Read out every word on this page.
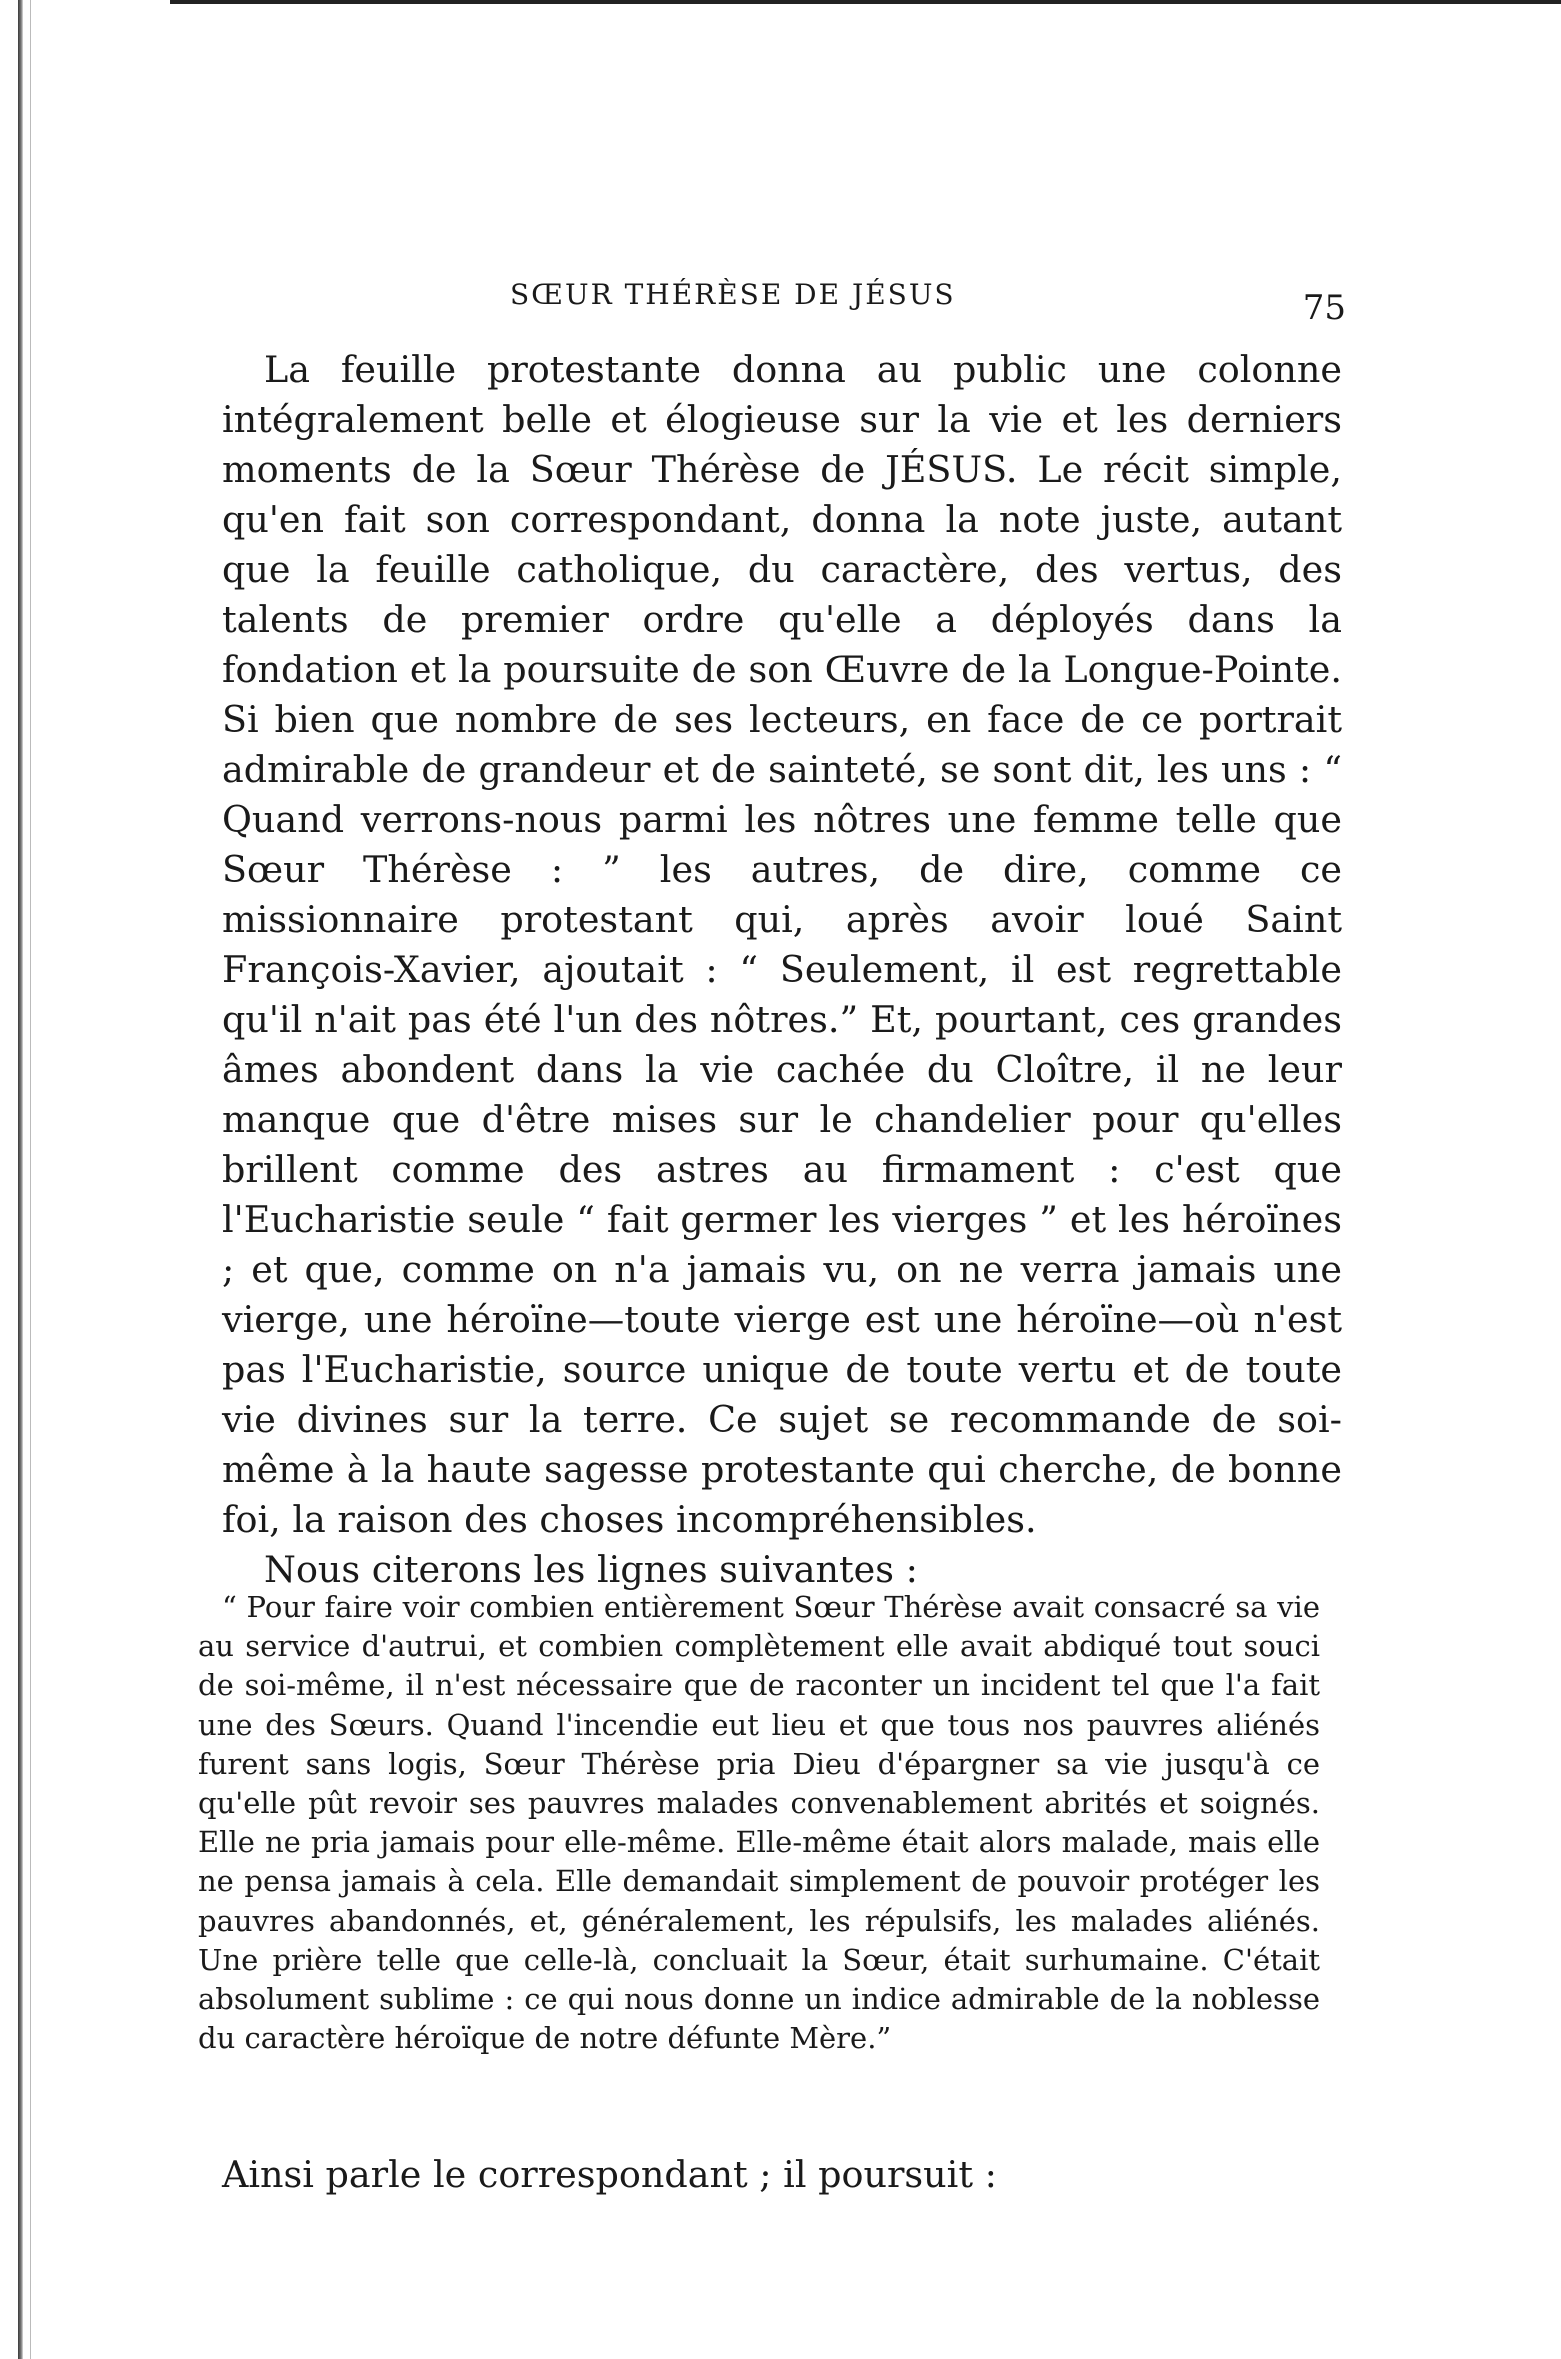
SŒUR THÉRÈSE DE JÉSUS	75

La feuille protestante donna au public une colonne intégralement belle et élogieuse sur la vie et les derniers moments de la Sœur Thérèse de JÉSUS. Le récit simple, qu'en fait son correspondant, donna la note juste, autant que la feuille catholique, du caractère, des vertus, des talents de premier ordre qu'elle a déployés dans la fondation et la poursuite de son Œuvre de la Longue-Pointe. Si bien que nombre de ses lecteurs, en face de ce portrait admirable de grandeur et de sainteté, se sont dit, les uns : “ Quand verrons-nous parmi les nôtres une femme telle que Sœur Thérèse : ” les autres, de dire, comme ce missionnaire protestant qui, après avoir loué Saint François-Xavier, ajoutait : “ Seulement, il est regrettable qu'il n'ait pas été l'un des nôtres.” Et, pourtant, ces grandes âmes abondent dans la vie cachée du Cloître, il ne leur manque que d'être mises sur le chandelier pour qu'elles brillent comme des astres au firmament : c'est que l'Eucharistie seule “ fait germer les vierges ” et les héroïnes ; et que, comme on n'a jamais vu, on ne verra jamais une vierge, une héroïne—toute vierge est une héroïne—où n'est pas l'Eucharistie, source unique de toute vertu et de toute vie divines sur la terre. Ce sujet se recommande de soi-même à la haute sagesse protestante qui cherche, de bonne foi, la raison des choses incompréhensibles.

Nous citerons les lignes suivantes :

“ Pour faire voir combien entièrement Sœur Thérèse avait consacré sa vie au service d'autrui, et combien complètement elle avait abdiqué tout souci de soi-même, il n'est nécessaire que de raconter un incident tel que l'a fait une des Sœurs. Quand l'incendie eut lieu et que tous nos pauvres aliénés furent sans logis, Sœur Thérèse pria Dieu d'épargner sa vie jusqu'à ce qu'elle pût revoir ses pauvres malades convenablement abrités et soignés. Elle ne pria jamais pour elle-même. Elle-même était alors malade, mais elle ne pensa jamais à cela. Elle demandait simplement de pouvoir protéger les pauvres abandonnés, et, généralement, les répulsifs, les malades aliénés. Une prière telle que celle-là, concluait la Sœur, était surhumaine. C'était absolument sublime : ce qui nous donne un indice admirable de la noblesse du caractère héroïque de notre défunte Mère.”

Ainsi parle le correspondant ; il poursuit :
